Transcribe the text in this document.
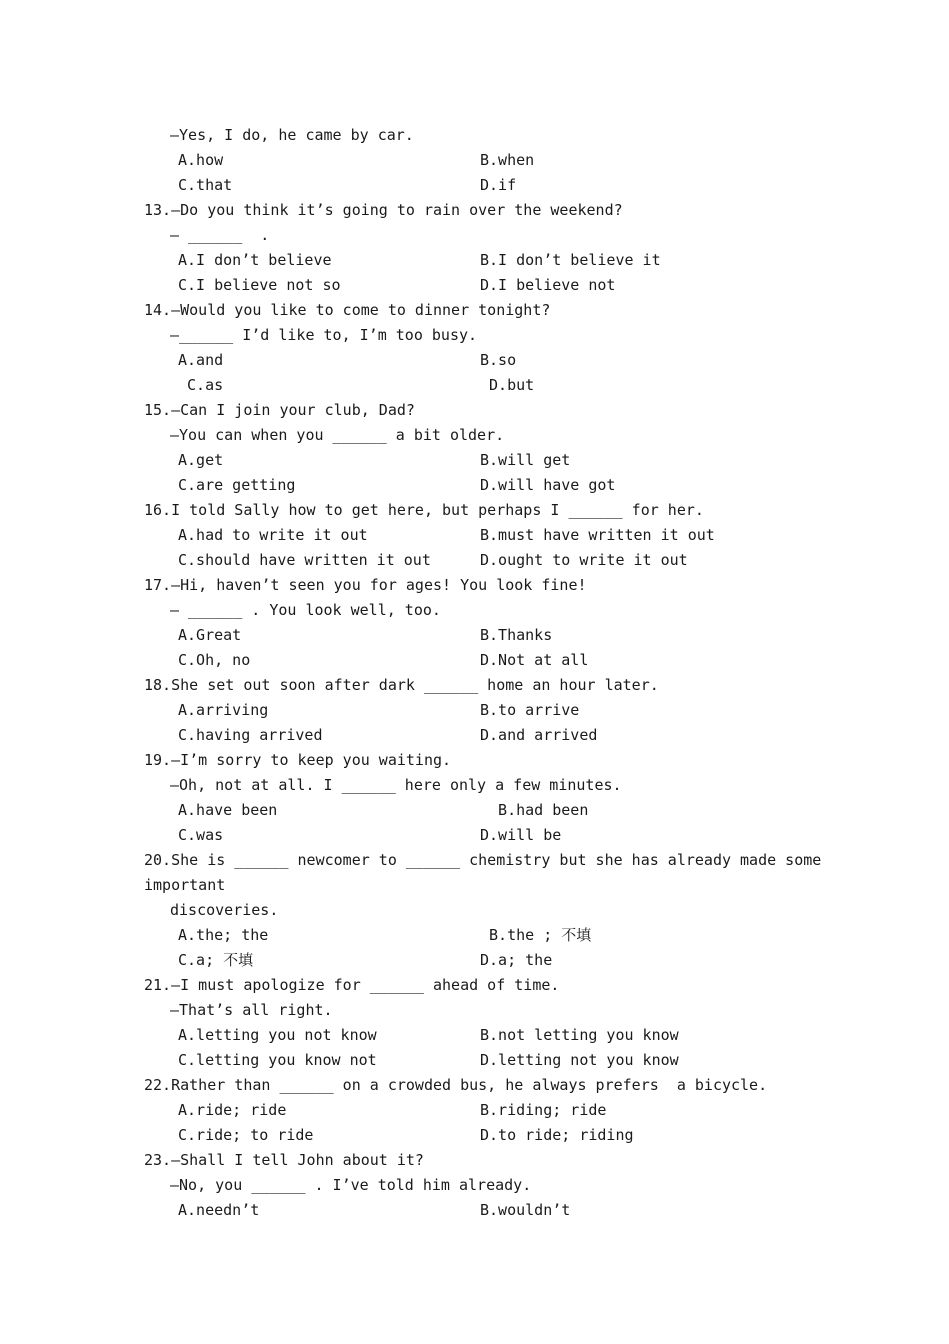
—Yes, I do, he came by car.
A.how	B.when
C.that	D.if
13.—Do you think it’s going to rain over the weekend?
— ______  .
A.I don’t believe	B.I don’t believe it
C.I believe not so	D.I believe not
14.—Would you like to come to dinner tonight?
—______ I’d like to, I’m too busy.
A.and	B.so
C.as	D.but
15.—Can I join your club, Dad?
—You can when you ______ a bit older.
A.get	B.will get
C.are getting	D.will have got
16.I told Sally how to get here, but perhaps I ______ for her.
A.had to write it out	B.must have written it out
C.should have written it out	D.ought to write it out
17.—Hi, haven’t seen you for ages! You look fine!
— ______ . You look well, too.
A.Great	B.Thanks
C.Oh, no	D.Not at all
18.She set out soon after dark ______ home an hour later.
A.arriving	B.to arrive
C.having arrived	D.and arrived
19.—I’m sorry to keep you waiting.
—Oh, not at all. I ______ here only a few minutes.
A.have been	B.had been
C.was	D.will be
20.She is ______ newcomer to ______ chemistry but she has already made some
important
discoveries.
A.the; the	B.the ; 不填
C.a; 不填	D.a; the
21.—I must apologize for ______ ahead of time.
—That’s all right.
A.letting you not know	B.not letting you know
C.letting you know not	D.letting not you know
22.Rather than ______ on a crowded bus, he always prefers  a bicycle.
A.ride; ride	B.riding; ride
C.ride; to ride	D.to ride; riding
23.—Shall I tell John about it?
—No, you ______ . I’ve told him already.
A.needn’t	B.wouldn’t
